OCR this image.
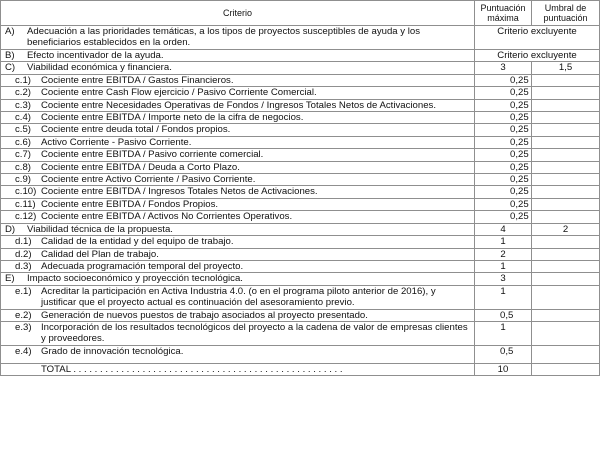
Criterio	Puntuación máxima	Umbral de puntuación

A) Adecuación a las prioridades temáticas, a los tipos de proyectos susceptibles de ayuda y los beneficiarios establecidos en la orden.	Criterio excluyente	
B) Efecto incentivador de la ayuda.	Criterio excluyente	
C) Viabilidad económica y financiera.	3	1,5
c.1) Cociente entre EBITDA / Gastos Financieros.	0,25	
c.2) Cociente entre Cash Flow ejercicio / Pasivo Corriente Comercial.	0,25	
c.3) Cociente entre Necesidades Operativas de Fondos / Ingresos Totales Netos de Activaciones.	0,25	
c.4) Cociente entre EBITDA / Importe neto de la cifra de negocios.	0,25	
c.5) Cociente entre deuda total / Fondos propios.	0,25	
c.6) Activo Corriente - Pasivo Corriente.	0,25	
c.7) Cociente entre EBITDA / Pasivo corriente comercial.	0,25	
c.8) Cociente entre EBITDA / Deuda a Corto Plazo.	0,25	
c.9) Cociente entre Activo Corriente / Pasivo Corriente.	0,25	
c.10) Cociente entre EBITDA / Ingresos Totales Netos de Activaciones.	0,25	
c.11) Cociente entre EBITDA / Fondos Propios.	0,25	
c.12) Cociente entre EBITDA / Activos No Corrientes Operativos.	0,25	
D) Viabilidad técnica de la propuesta.	4	2
d.1) Calidad de la entidad y del equipo de trabajo.	1	
d.2) Calidad del Plan de trabajo.	2	
d.3) Adecuada programación temporal del proyecto.	1	
E) Impacto socioeconómico y proyección tecnológica.	3	

e.1) Acreditar la participación en Activa Industria 4.0. (o en el programa piloto anterior de 2016), y justificar que el proyecto actual es continuación del asesoramiento previo.	1	
e.2) Generación de nuevos puestos de trabajo asociados al proyecto presentado.	0,5	

e.3) Incorporación de los resultados tecnológicos del proyecto a la cadena de valor de empresas clientes y proveedores.	1	
e.4) Grado de innovación tecnológica.	0,5	
TOTAL . . . . . . . . . . . . . . . . . . . . . . . . . . . . . . . . . . . . . . . . . . . . . . . . . . .	10	
